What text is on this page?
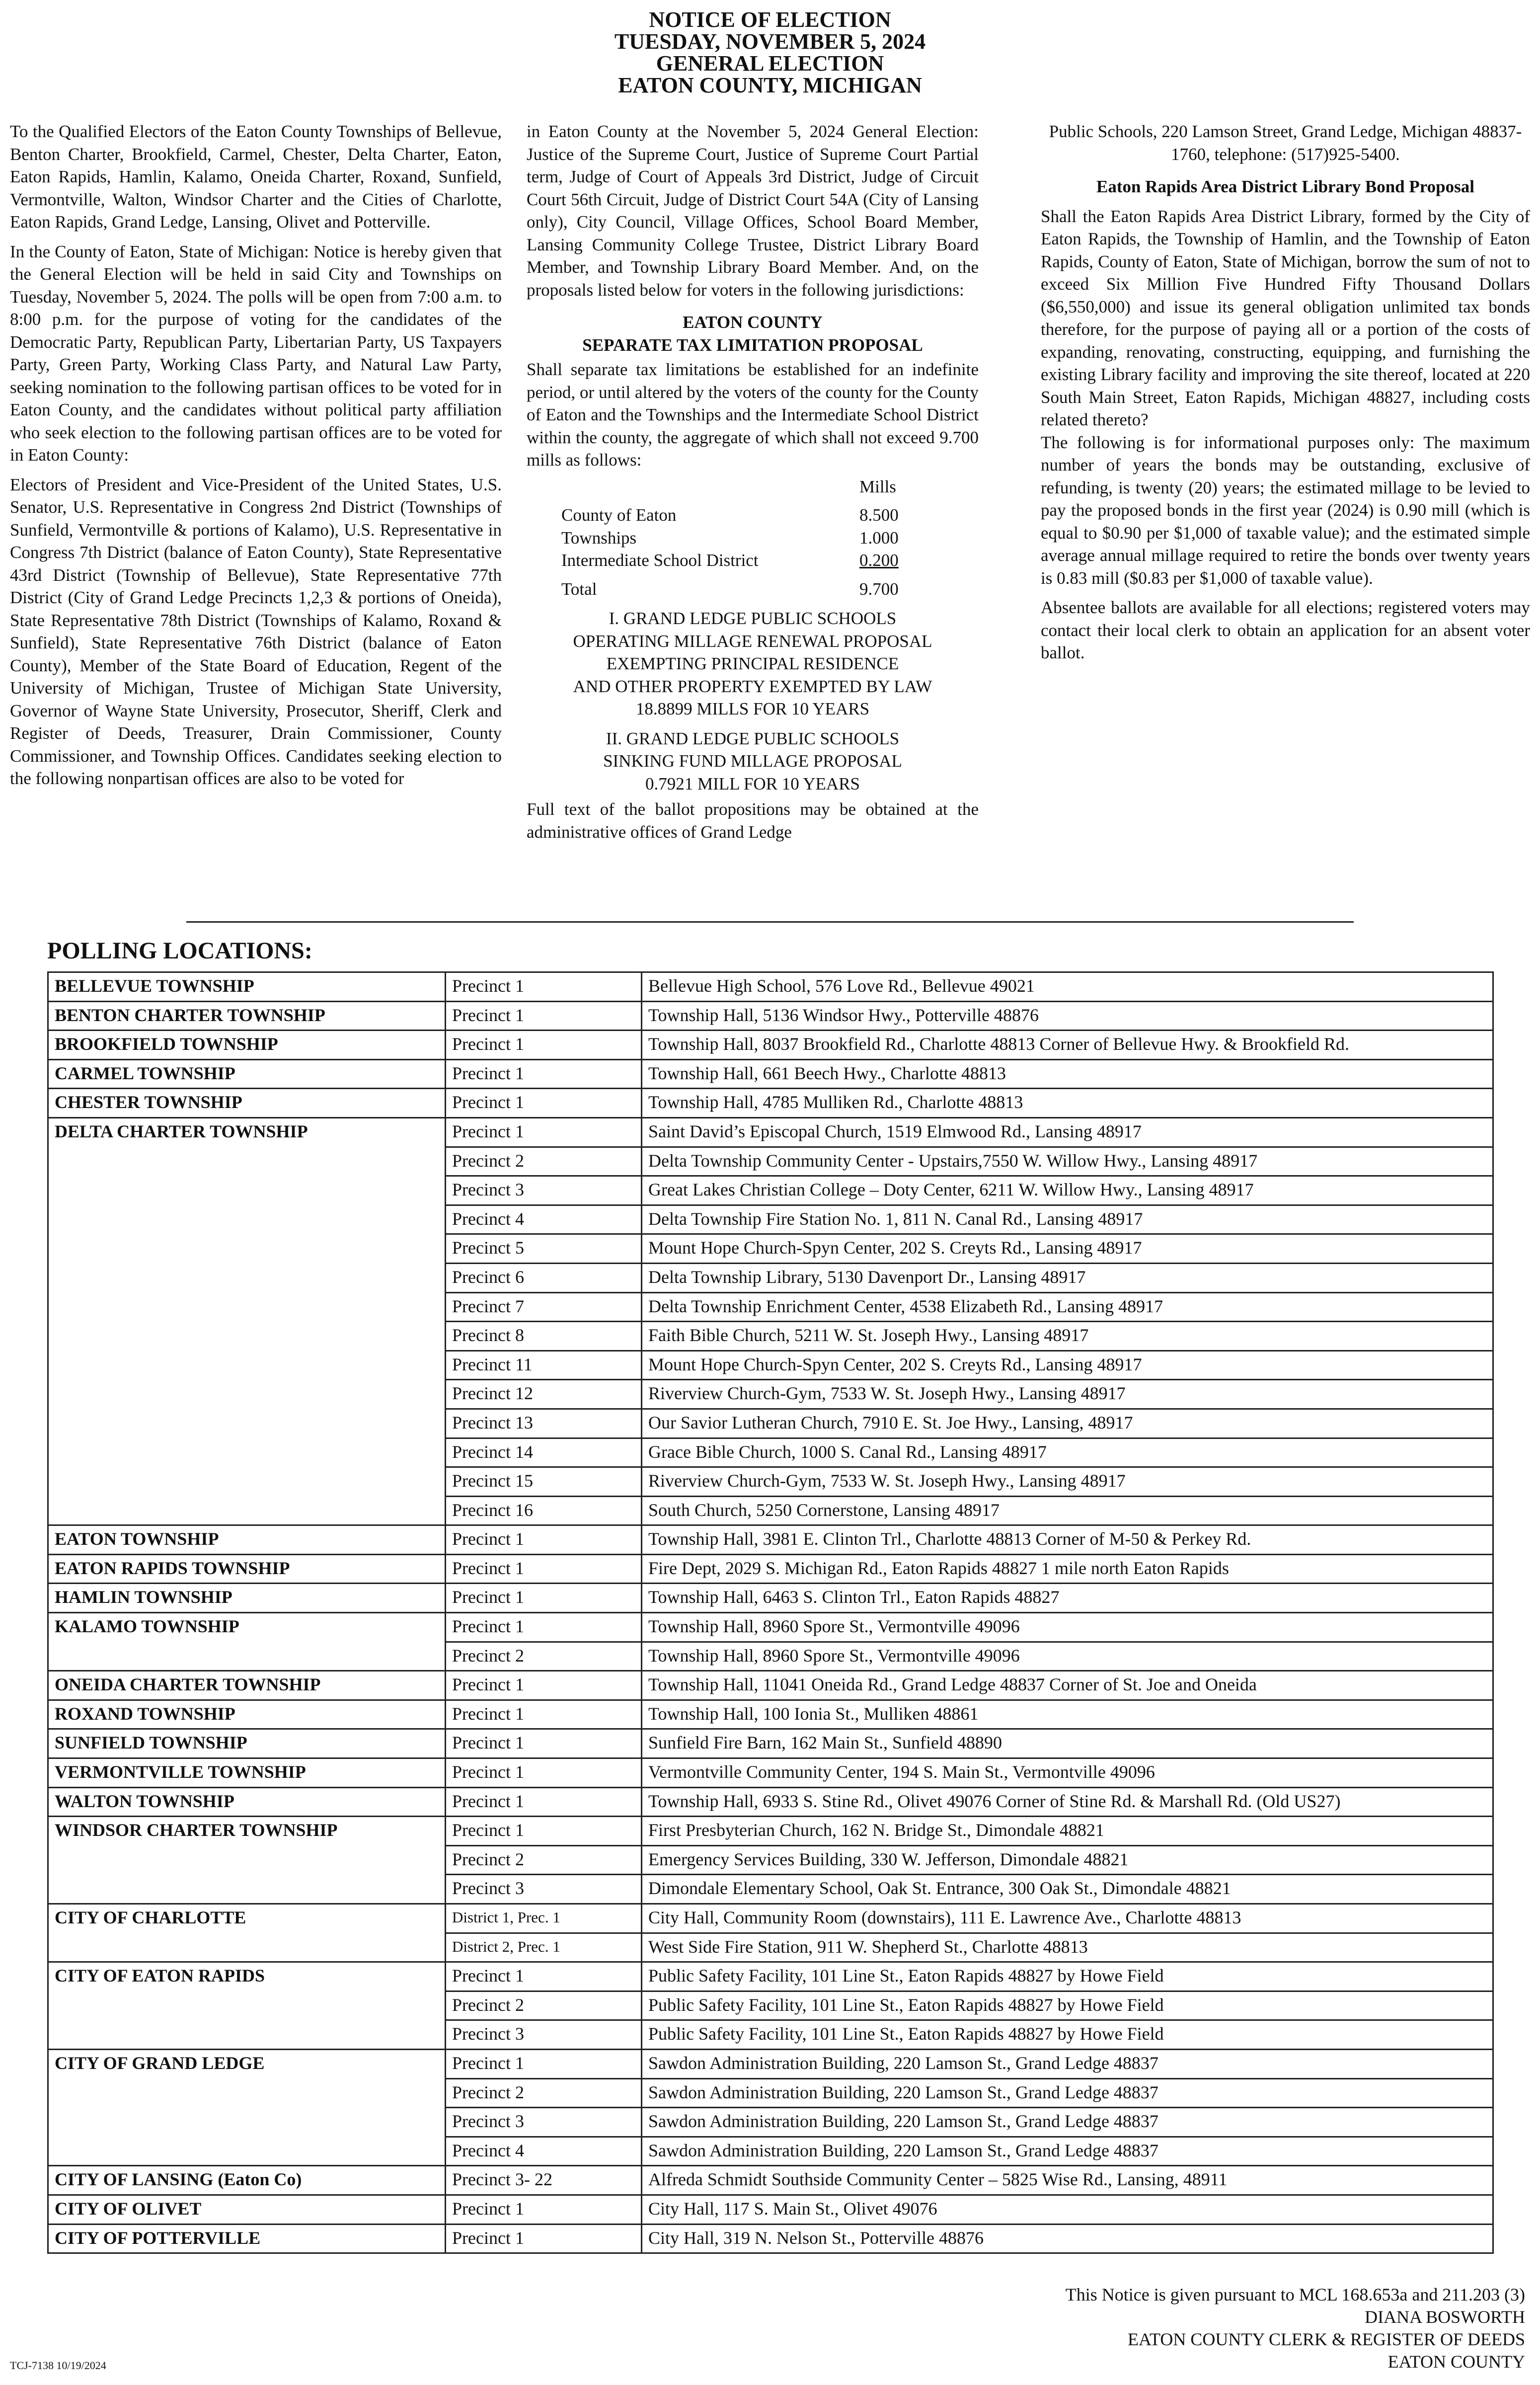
NOTICE OF ELECTION
TUESDAY, NOVEMBER 5, 2024
GENERAL ELECTION
EATON COUNTY, MICHIGAN

To the Qualified Electors of the Eaton County Townships of Bellevue, Benton Charter, Brookfield, Carmel, Chester, Delta Charter, Eaton, Eaton Rapids, Hamlin, Kalamo, Oneida Charter, Roxand, Sunfield, Vermontville, Walton, Windsor Charter and the Cities of Charlotte, Eaton Rapids, Grand Ledge, Lansing, Olivet and Potterville.

In the County of Eaton, State of Michigan: Notice is hereby given that the General Election will be held in said City and Townships on Tuesday, November 5, 2024. The polls will be open from 7:00 a.m. to 8:00 p.m. for the purpose of voting for the candidates of the Democratic Party, Republican Party, Libertarian Party, US Taxpayers Party, Green Party, Working Class Party, and Natural Law Party, seeking nomination to the following partisan offices to be voted for in Eaton County, and the candidates without political party affiliation who seek election to the following partisan offices are to be voted for in Eaton County:

Electors of President and Vice-President of the United States, U.S. Senator, U.S. Representative in Congress 2nd District (Townships of Sunfield, Vermontville & portions of Kalamo), U.S. Representative in Congress 7th District (balance of Eaton County), State Representative 43rd District (Township of Bellevue), State Representative 77th District (City of Grand Ledge Precincts 1,2,3 & portions of Oneida), State Representative 78th District (Townships of Kalamo, Roxand & Sunfield), State Representative 76th District (balance of Eaton County), Member of the State Board of Education, Regent of the University of Michigan, Trustee of Michigan State University, Governor of Wayne State University, Prosecutor, Sheriff, Clerk and Register of Deeds, Treasurer, Drain Commissioner, County Commissioner, and Township Offices. Candidates seeking election to the following nonpartisan offices are also to be voted for

in Eaton County at the November 5, 2024 General Election: Justice of the Supreme Court, Justice of Supreme Court Partial term, Judge of Court of Appeals 3rd District, Judge of Circuit Court 56th Circuit, Judge of District Court 54A (City of Lansing only), City Council, Village Offices, School Board Member, Lansing Community College Trustee, District Library Board Member, and Township Library Board Member. And, on the proposals listed below for voters in the following jurisdictions:

EATON COUNTY
SEPARATE TAX LIMITATION PROPOSAL

Shall separate tax limitations be established for an indefinite period, or until altered by the voters of the county for the County of Eaton and the Townships and the Intermediate School District within the county, the aggregate of which shall not exceed 9.700 mills as follows:

Mills
County of Eaton	8.500
Townships	1.000
Intermediate School District	0.200
Total	9.700
I. GRAND LEDGE PUBLIC SCHOOLS
OPERATING MILLAGE RENEWAL PROPOSAL
EXEMPTING PRINCIPAL RESIDENCE
AND OTHER PROPERTY EXEMPTED BY LAW
18.8899 MILLS FOR 10 YEARS
II. GRAND LEDGE PUBLIC SCHOOLS
SINKING FUND MILLAGE PROPOSAL
0.7921 MILL FOR 10 YEARS

Full text of the ballot propositions may be obtained at the administrative offices of Grand Ledge

Public Schools, 220 Lamson Street, Grand Ledge, Michigan 48837-1760, telephone: (517)925-5400.

Eaton Rapids Area District Library Bond Proposal

Shall the Eaton Rapids Area District Library, formed by the City of Eaton Rapids, the Township of Hamlin, and the Township of Eaton Rapids, County of Eaton, State of Michigan, borrow the sum of not to exceed Six Million Five Hundred Fifty Thousand Dollars ($6,550,000) and issue its general obligation unlimited tax bonds therefore, for the purpose of paying all or a portion of the costs of expanding, renovating, constructing, equipping, and furnishing the existing Library facility and improving the site thereof, located at 220 South Main Street, Eaton Rapids, Michigan 48827, including costs related thereto?

The following is for informational purposes only: The maximum number of years the bonds may be outstanding, exclusive of refunding, is twenty (20) years; the estimated millage to be levied to pay the proposed bonds in the first year (2024) is 0.90 mill (which is equal to $0.90 per $1,000 of taxable value); and the estimated simple average annual millage required to retire the bonds over twenty years is 0.83 mill ($0.83 per $1,000 of taxable value).

Absentee ballots are available for all elections; registered voters may contact their local clerk to obtain an application for an absent voter ballot.

POLLING LOCATIONS:
BELLEVUE TOWNSHIP	Precinct 1	Bellevue High School, 576 Love Rd., Bellevue 49021
BENTON CHARTER TOWNSHIP	Precinct 1	Township Hall, 5136 Windsor Hwy., Potterville 48876
BROOKFIELD TOWNSHIP	Precinct 1	Township Hall, 8037 Brookfield Rd., Charlotte 48813 Corner of Bellevue Hwy. & Brookfield Rd.
CARMEL TOWNSHIP	Precinct 1	Township Hall, 661 Beech Hwy., Charlotte 48813
CHESTER TOWNSHIP	Precinct 1	Township Hall, 4785 Mulliken Rd., Charlotte 48813
DELTA CHARTER TOWNSHIP	Precinct 1	Saint David’s Episcopal Church, 1519 Elmwood Rd., Lansing 48917
	Precinct 2	Delta Township Community Center - Upstairs,7550 W. Willow Hwy., Lansing 48917
	Precinct 3	Great Lakes Christian College – Doty Center, 6211 W. Willow Hwy., Lansing 48917
	Precinct 4	Delta Township Fire Station No. 1, 811 N. Canal Rd., Lansing 48917
	Precinct 5	Mount Hope Church-Spyn Center, 202 S. Creyts Rd., Lansing 48917
	Precinct 6	Delta Township Library, 5130 Davenport Dr., Lansing 48917
	Precinct 7	Delta Township Enrichment Center, 4538 Elizabeth Rd., Lansing 48917
	Precinct 8	Faith Bible Church, 5211 W. St. Joseph Hwy., Lansing 48917
	Precinct 11	Mount Hope Church-Spyn Center, 202 S. Creyts Rd., Lansing 48917
	Precinct 12	Riverview Church-Gym, 7533 W. St. Joseph Hwy., Lansing 48917
	Precinct 13	Our Savior Lutheran Church, 7910 E. St. Joe Hwy., Lansing, 48917
	Precinct 14	Grace Bible Church, 1000 S. Canal Rd., Lansing 48917
	Precinct 15	Riverview Church-Gym, 7533 W. St. Joseph Hwy., Lansing 48917
	Precinct 16	South Church, 5250 Cornerstone, Lansing 48917
EATON TOWNSHIP	Precinct 1	Township Hall, 3981 E. Clinton Trl., Charlotte 48813 Corner of M-50 & Perkey Rd.
EATON RAPIDS TOWNSHIP	Precinct 1	Fire Dept, 2029 S. Michigan Rd., Eaton Rapids 48827 1 mile north Eaton Rapids
HAMLIN TOWNSHIP	Precinct 1	Township Hall, 6463 S. Clinton Trl., Eaton Rapids 48827
KALAMO TOWNSHIP	Precinct 1	Township Hall, 8960 Spore St., Vermontville 49096
	Precinct 2	Township Hall, 8960 Spore St., Vermontville 49096
ONEIDA CHARTER TOWNSHIP	Precinct 1	Township Hall, 11041 Oneida Rd., Grand Ledge 48837 Corner of St. Joe and Oneida
ROXAND TOWNSHIP	Precinct 1	Township Hall, 100 Ionia St., Mulliken 48861
SUNFIELD TOWNSHIP	Precinct 1	Sunfield Fire Barn, 162 Main St., Sunfield 48890
VERMONTVILLE TOWNSHIP	Precinct 1	Vermontville Community Center, 194 S. Main St., Vermontville 49096
WALTON TOWNSHIP	Precinct 1	Township Hall, 6933 S. Stine Rd., Olivet 49076 Corner of Stine Rd. & Marshall Rd. (Old US27)
WINDSOR CHARTER TOWNSHIP	Precinct 1	First Presbyterian Church, 162 N. Bridge St., Dimondale 48821
	Precinct 2	Emergency Services Building, 330 W. Jefferson, Dimondale 48821
	Precinct 3	Dimondale Elementary School, Oak St. Entrance, 300 Oak St., Dimondale 48821
CITY OF CHARLOTTE	District 1, Prec. 1	City Hall, Community Room (downstairs), 111 E. Lawrence Ave., Charlotte 48813
	District 2, Prec. 1	West Side Fire Station, 911 W. Shepherd St., Charlotte 48813
CITY OF EATON RAPIDS	Precinct 1	Public Safety Facility, 101 Line St., Eaton Rapids 48827 by Howe Field
	Precinct 2	Public Safety Facility, 101 Line St., Eaton Rapids 48827 by Howe Field
	Precinct 3	Public Safety Facility, 101 Line St., Eaton Rapids 48827 by Howe Field
CITY OF GRAND LEDGE	Precinct 1	Sawdon Administration Building, 220 Lamson St., Grand Ledge 48837
	Precinct 2	Sawdon Administration Building, 220 Lamson St., Grand Ledge 48837
	Precinct 3	Sawdon Administration Building, 220 Lamson St., Grand Ledge 48837
	Precinct 4	Sawdon Administration Building, 220 Lamson St., Grand Ledge 48837
CITY OF LANSING (Eaton Co)	Precinct 3- 22	Alfreda Schmidt Southside Community Center – 5825 Wise Rd., Lansing, 48911
CITY OF OLIVET	Precinct 1	City Hall, 117 S. Main St., Olivet 49076
CITY OF POTTERVILLE	Precinct 1	City Hall, 319 N. Nelson St., Potterville 48876
This Notice is given pursuant to MCL 168.653a and 211.203 (3)
DIANA BOSWORTH
EATON COUNTY CLERK & REGISTER OF DEEDS
EATON COUNTY
TCJ-7138 10/19/2024
